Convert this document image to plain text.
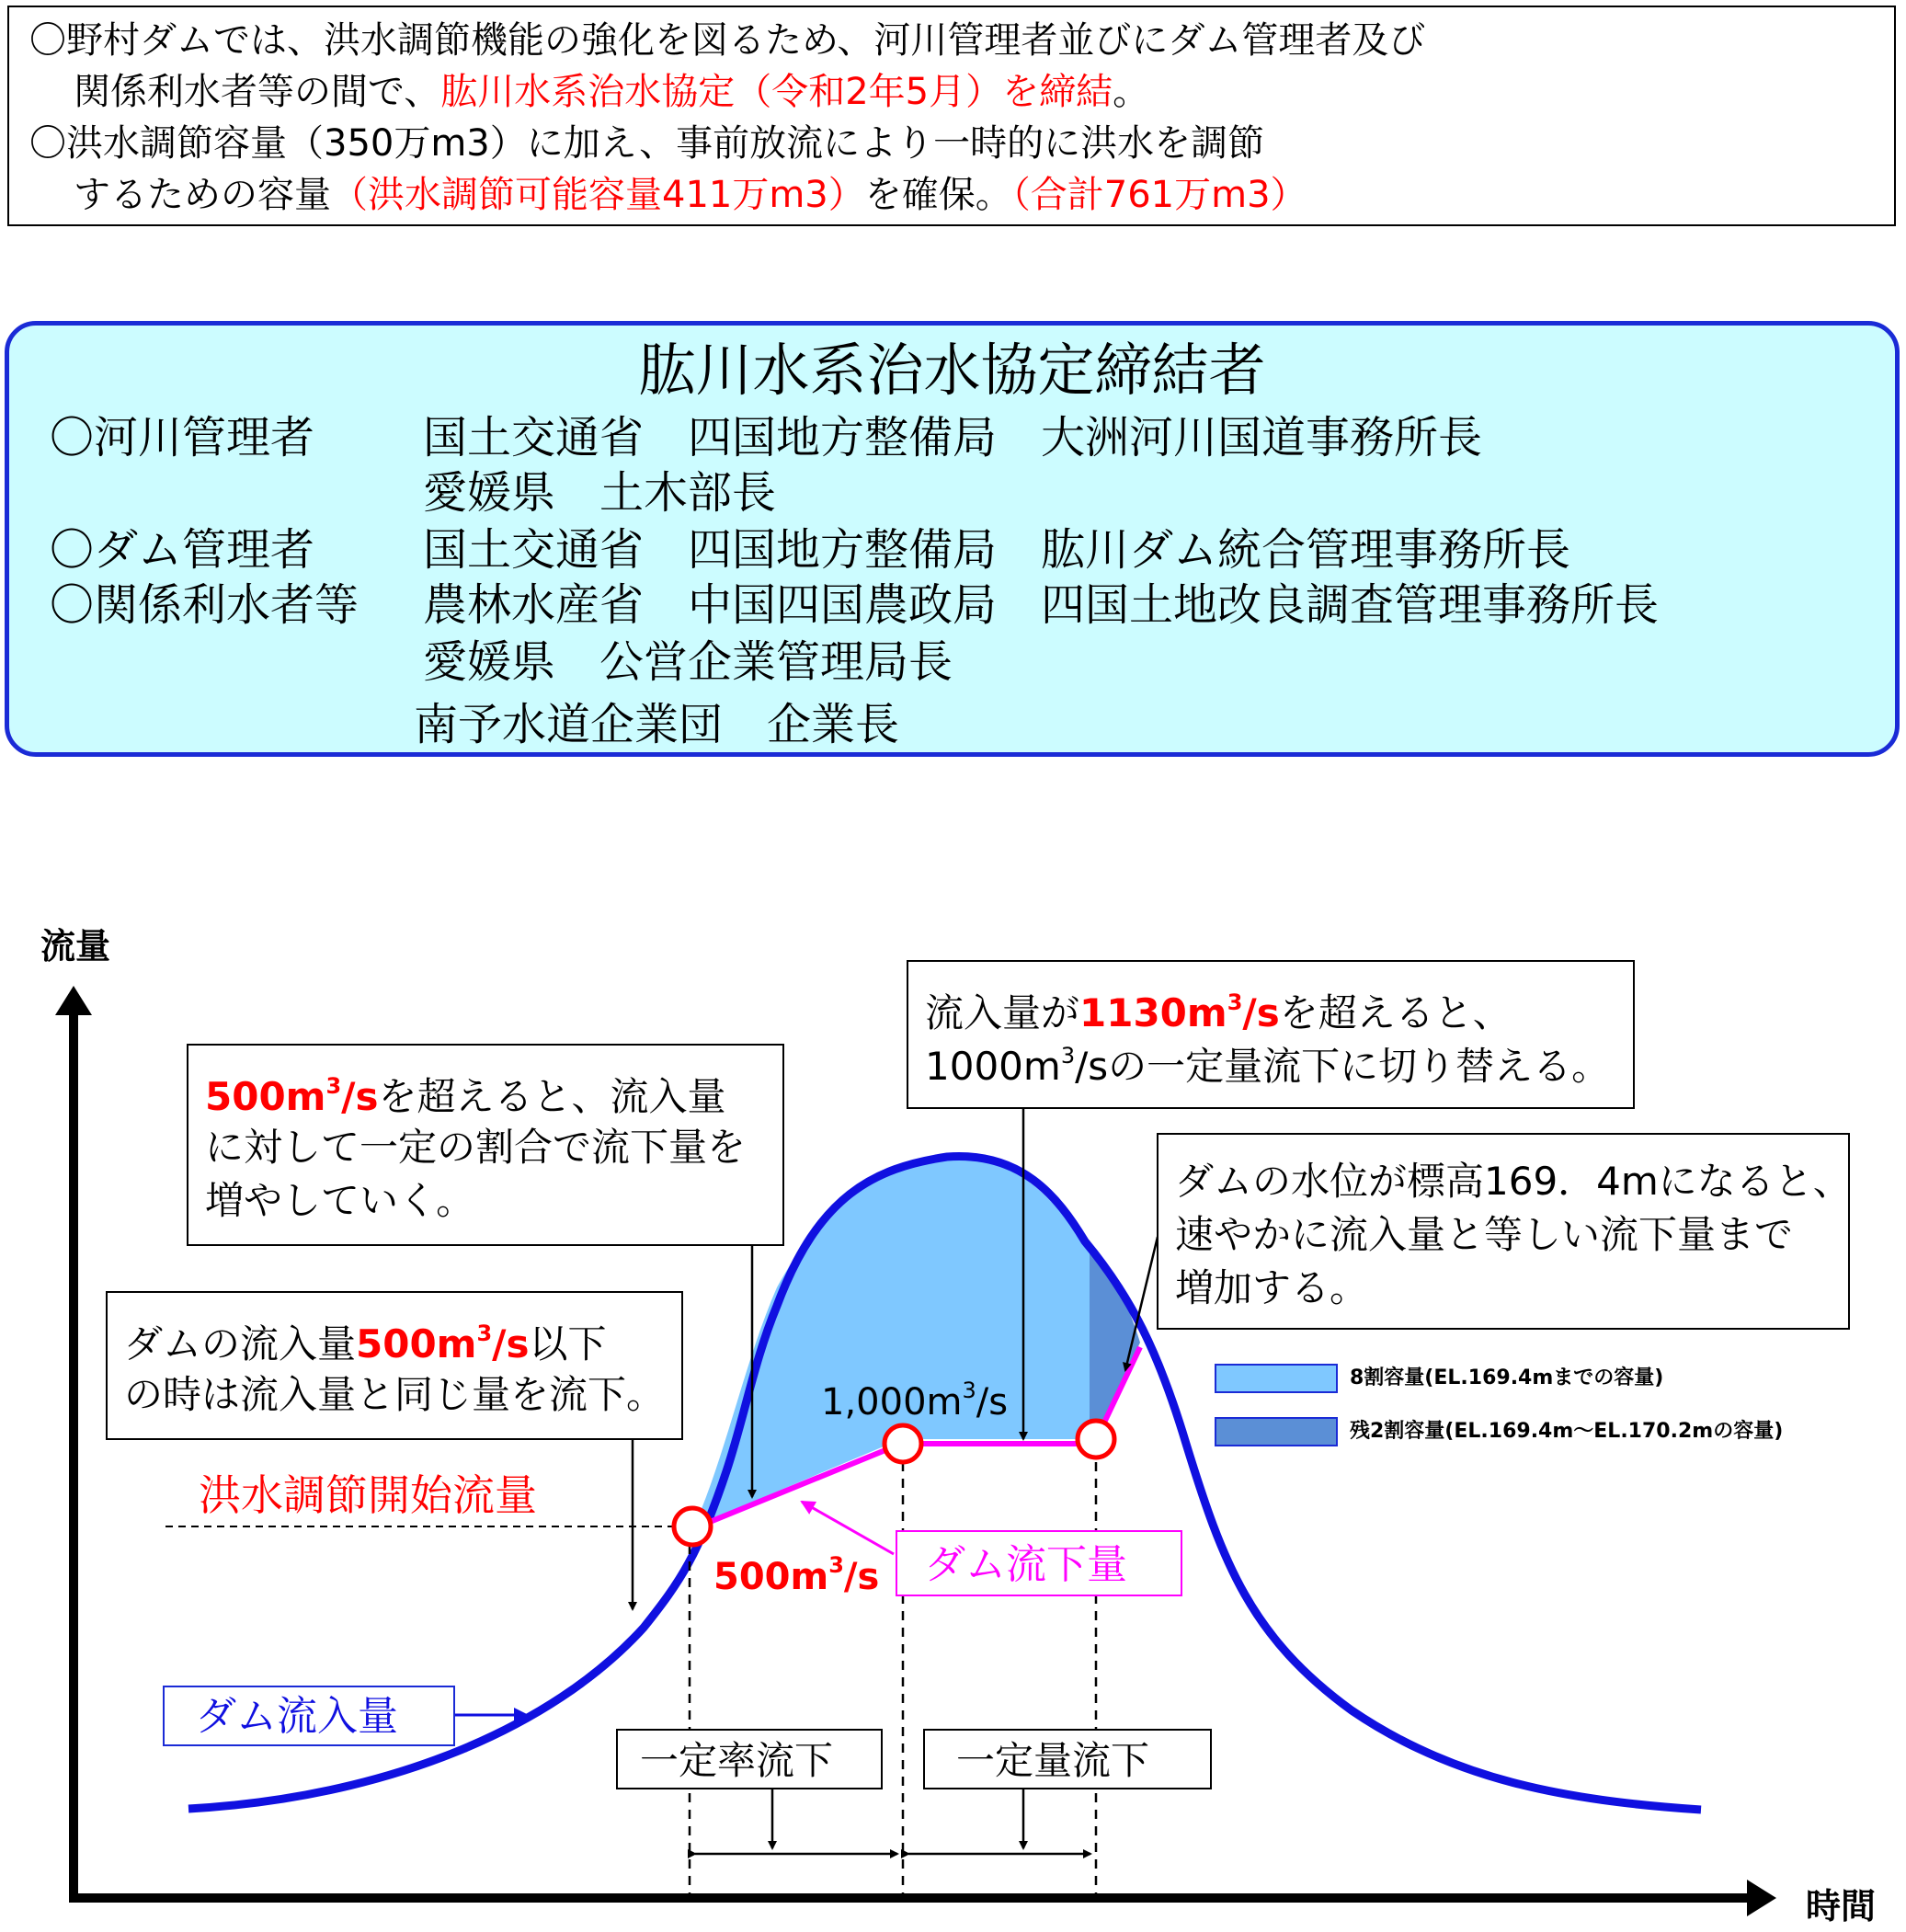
〇野村ダムでは、洪水調節機能の強化を図るため、河川管理者並びにダム管理者及び
関係利水者等の間で、肱川水系治水協定（令和2年5月）を締結。
〇洪水調節容量（350万m3）に加え、事前放流により一時的に洪水を調節
するための容量（洪水調節可能容量411万m3）を確保。（合計761万m3）
肱川水系治水協定締結者
〇河川管理者 国土交通省　四国地方整備局　大洲河川国道事務所長
愛媛県　土木部長
〇ダム管理者 国土交通省　四国地方整備局　肱川ダム統合管理事務所長
〇関係利水者等 農林水産省　中国四国農政局　四国土地改良調査管理事務所長
愛媛県　公営企業管理局長
南予水道企業団　企業長
流量
時間
$500m^3/s$を超えると、流入量
に対して一定の割合で流下量を
増やしていく。
流入量が$1130m^3/s$を超えると、
$1000m^3/s$の一定量流下に切り替える。
ダムの水位が標高169．4mになると、
速やかに流入量と等しい流下量まで
増加する。
ダムの流入量$500m^3/s$以下
の時は流入量と同じ量を流下。
洪水調節開始流量
$1,000m^3/s$
$500m^3/s$ ダム流下量
ダム流入量
一定率流下	一定量流下
8割容量(EL.169.4mまでの容量)
残2割容量(EL.169.4m～EL.170.2mの容量)
